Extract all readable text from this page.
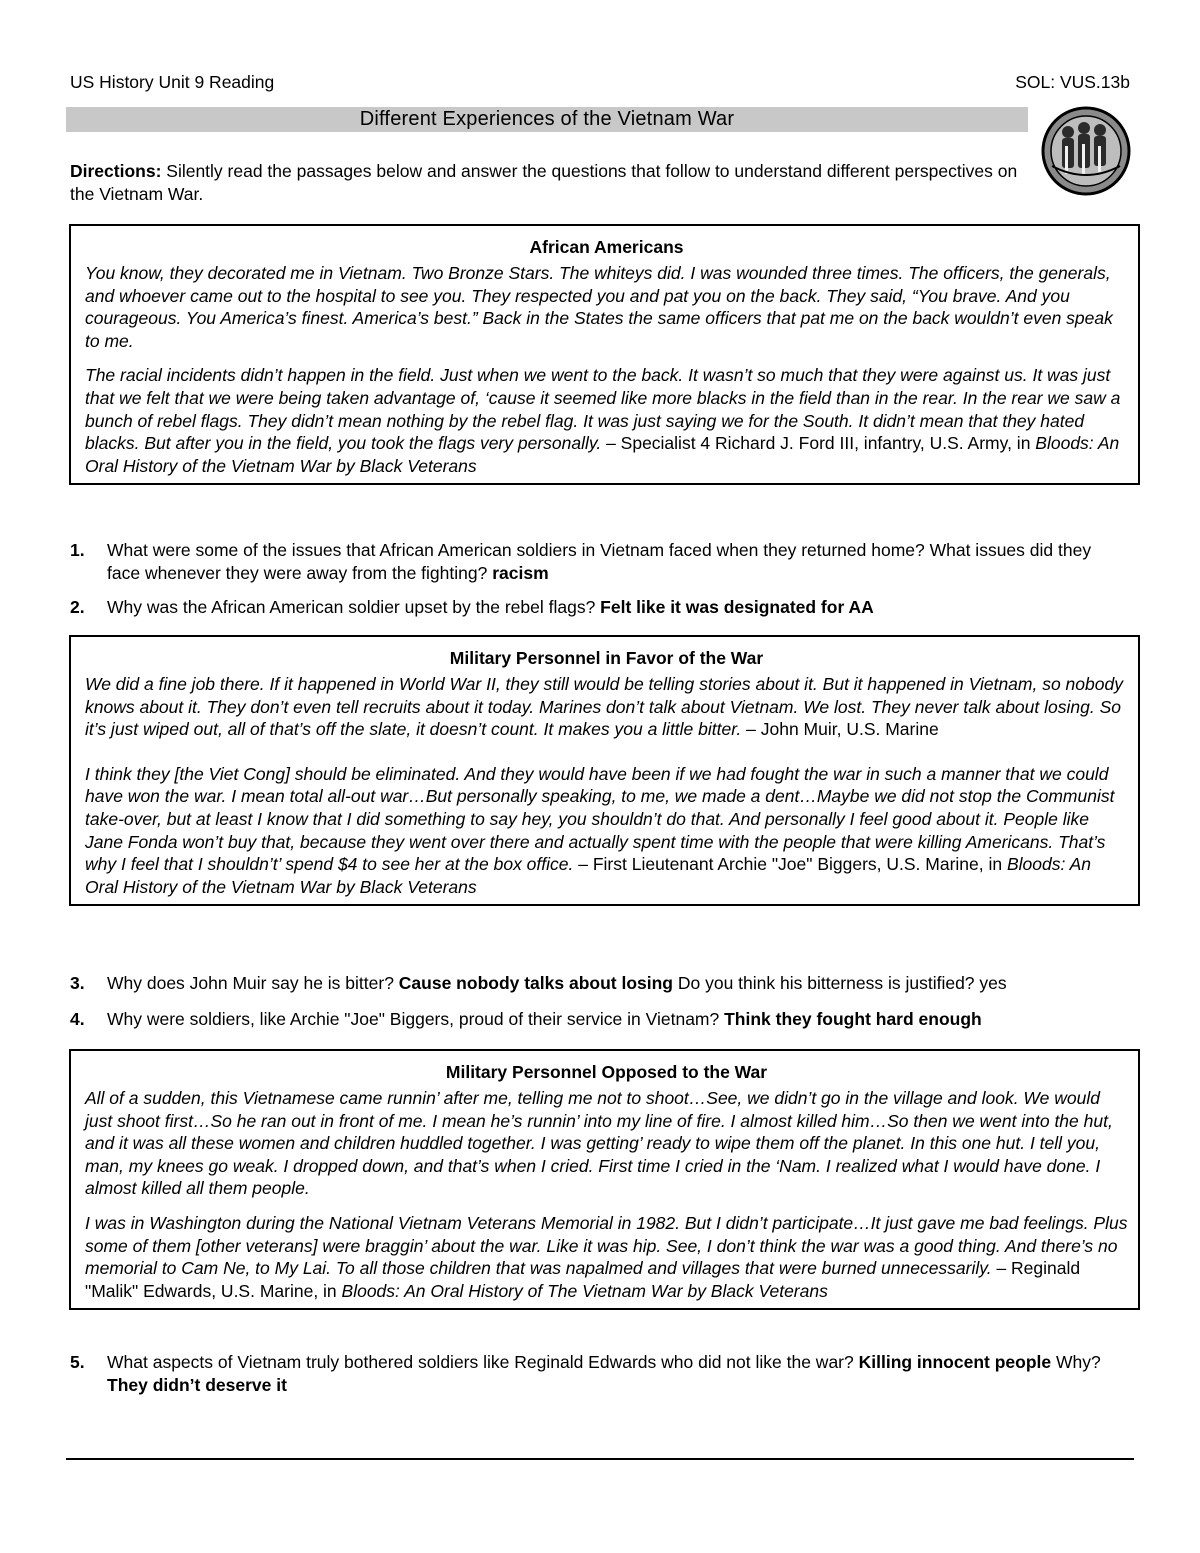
US History Unit 9 Reading	SOL: VUS.13b
Different Experiences of the Vietnam War
Directions: Silently read the passages below and answer the questions that follow to understand different perspectives on the Vietnam War.
African Americans

You know, they decorated me in Vietnam. Two Bronze Stars. The whiteys did. I was wounded three times. The officers, the generals, and whoever came out to the hospital to see you. They respected you and pat you on the back. They said, “You brave. And you courageous. You America’s finest. America’s best.” Back in the States the same officers that pat me on the back wouldn’t even speak to me.

The racial incidents didn’t happen in the field. Just when we went to the back. It wasn’t so much that they were against us. It was just that we felt that we were being taken advantage of, ‘cause it seemed like more blacks in the field than in the rear. In the rear we saw a bunch of rebel flags. They didn’t mean nothing by the rebel flag. It was just saying we for the South. It didn’t mean that they hated blacks. But after you in the field, you took the flags very personally. – Specialist 4 Richard J. Ford III, infantry, U.S. Army, in Bloods: An Oral History of the Vietnam War by Black Veterans

1.	What were some of the issues that African American soldiers in Vietnam faced when they returned home? What issues did they face whenever they were away from the fighting? racism
2.	Why was the African American soldier upset by the rebel flags? Felt like it was designated for AA
Military Personnel in Favor of the War

We did a fine job there. If it happened in World War II, they still would be telling stories about it. But it happened in Vietnam, so nobody knows about it. They don’t even tell recruits about it today. Marines don’t talk about Vietnam. We lost. They never talk about losing. So it’s just wiped out, all of that’s off the slate, it doesn’t count. It makes you a little bitter. – John Muir, U.S. Marine

I think they [the Viet Cong] should be eliminated. And they would have been if we had fought the war in such a manner that we could have won the war. I mean total all-out war…But personally speaking, to me, we made a dent…Maybe we did not stop the Communist take-over, but at least I know that I did something to say hey, you shouldn’t do that. And personally I feel good about it. People like Jane Fonda won’t buy that, because they went over there and actually spent time with the people that were killing Americans. That’s why I feel that I shouldn’t’ spend $4 to see her at the box office. – First Lieutenant Archie "Joe" Biggers, U.S. Marine, in Bloods: An Oral History of the Vietnam War by Black Veterans

3.	Why does John Muir say he is bitter? Cause nobody talks about losing Do you think his bitterness is justified? yes
4.	Why were soldiers, like Archie "Joe" Biggers, proud of their service in Vietnam? Think they fought hard enough
Military Personnel Opposed to the War

All of a sudden, this Vietnamese came runnin’ after me, telling me not to shoot…See, we didn’t go in the village and look. We would just shoot first…So he ran out in front of me. I mean he’s runnin’ into my line of fire. I almost killed him…So then we went into the hut, and it was all these women and children huddled together. I was getting’ ready to wipe them off the planet. In this one hut. I tell you, man, my knees go weak. I dropped down, and that’s when I cried. First time I cried in the ‘Nam. I realized what I would have done. I almost killed all them people.

I was in Washington during the National Vietnam Veterans Memorial in 1982. But I didn’t participate…It just gave me bad feelings. Plus some of them [other veterans] were braggin’ about the war. Like it was hip. See, I don’t think the war was a good thing. And there’s no memorial to Cam Ne, to My Lai. To all those children that was napalmed and villages that were burned unnecessarily. – Reginald "Malik" Edwards, U.S. Marine, in Bloods: An Oral History of The Vietnam War by Black Veterans

5.	What aspects of Vietnam truly bothered soldiers like Reginald Edwards who did not like the war? Killing innocent people Why? They didn’t deserve it
